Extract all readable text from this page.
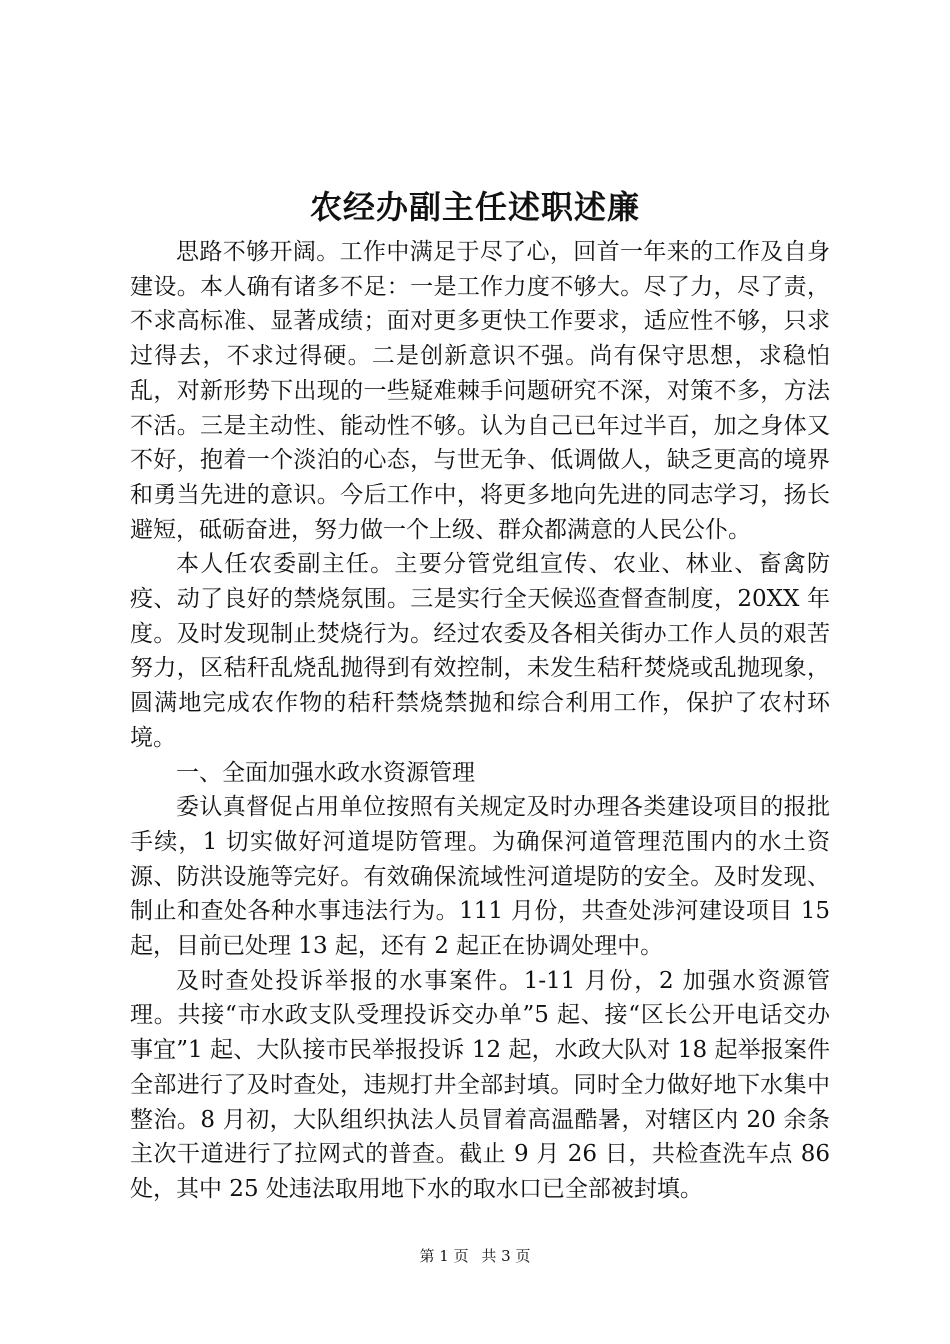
农经办副主任述职述廉

思路不够开阔。工作中满足于尽了心，回首一年来的工作及自身建设。本人确有诸多不足：一是工作力度不够大。尽了力，尽了责，不求高标准、显著成绩；面对更多更快工作要求，适应性不够，只求过得去，不求过得硬。二是创新意识不强。尚有保守思想，求稳怕乱，对新形势下出现的一些疑难棘手问题研究不深，对策不多，方法不活。三是主动性、能动性不够。认为自己已年过半百，加之身体又不好，抱着一个淡泊的心态，与世无争、低调做人，缺乏更高的境界和勇当先进的意识。今后工作中，将更多地向先进的同志学习，扬长避短，砥砺奋进，努力做一个上级、群众都满意的人民公仆。

本人任农委副主任。主要分管党组宣传、农业、林业、畜禽防疫、动了良好的禁烧氛围。三是实行全天候巡查督查制度，20XX 年度。及时发现制止焚烧行为。经过农委及各相关街办工作人员的艰苦努力，区秸秆乱烧乱抛得到有效控制，未发生秸秆焚烧或乱抛现象，圆满地完成农作物的秸秆禁烧禁抛和综合利用工作，保护了农村环境。

一、全面加强水政水资源管理

委认真督促占用单位按照有关规定及时办理各类建设项目的报批手续，1 切实做好河道堤防管理。为确保河道管理范围内的水土资源、防洪设施等完好。有效确保流域性河道堤防的安全。及时发现、制止和查处各种水事违法行为。111 月份，共查处涉河建设项目 15 起，目前已处理 13 起，还有 2 起正在协调处理中。

及时查处投诉举报的水事案件。1-11 月份，2 加强水资源管理。共接“市水政支队受理投诉交办单”5 起、接“区长公开电话交办事宜”1 起、大队接市民举报投诉 12 起，水政大队对 18 起举报案件全部进行了及时查处，违规打井全部封填。同时全力做好地下水集中整治。8 月初，大队组织执法人员冒着高温酷暑，对辖区内 20 余条主次干道进行了拉网式的普查。截止 9 月 26 日，共检查洗车点 86 处，其中 25 处违法取用地下水的取水口已全部被封填。

第 1 页 共 3 页
